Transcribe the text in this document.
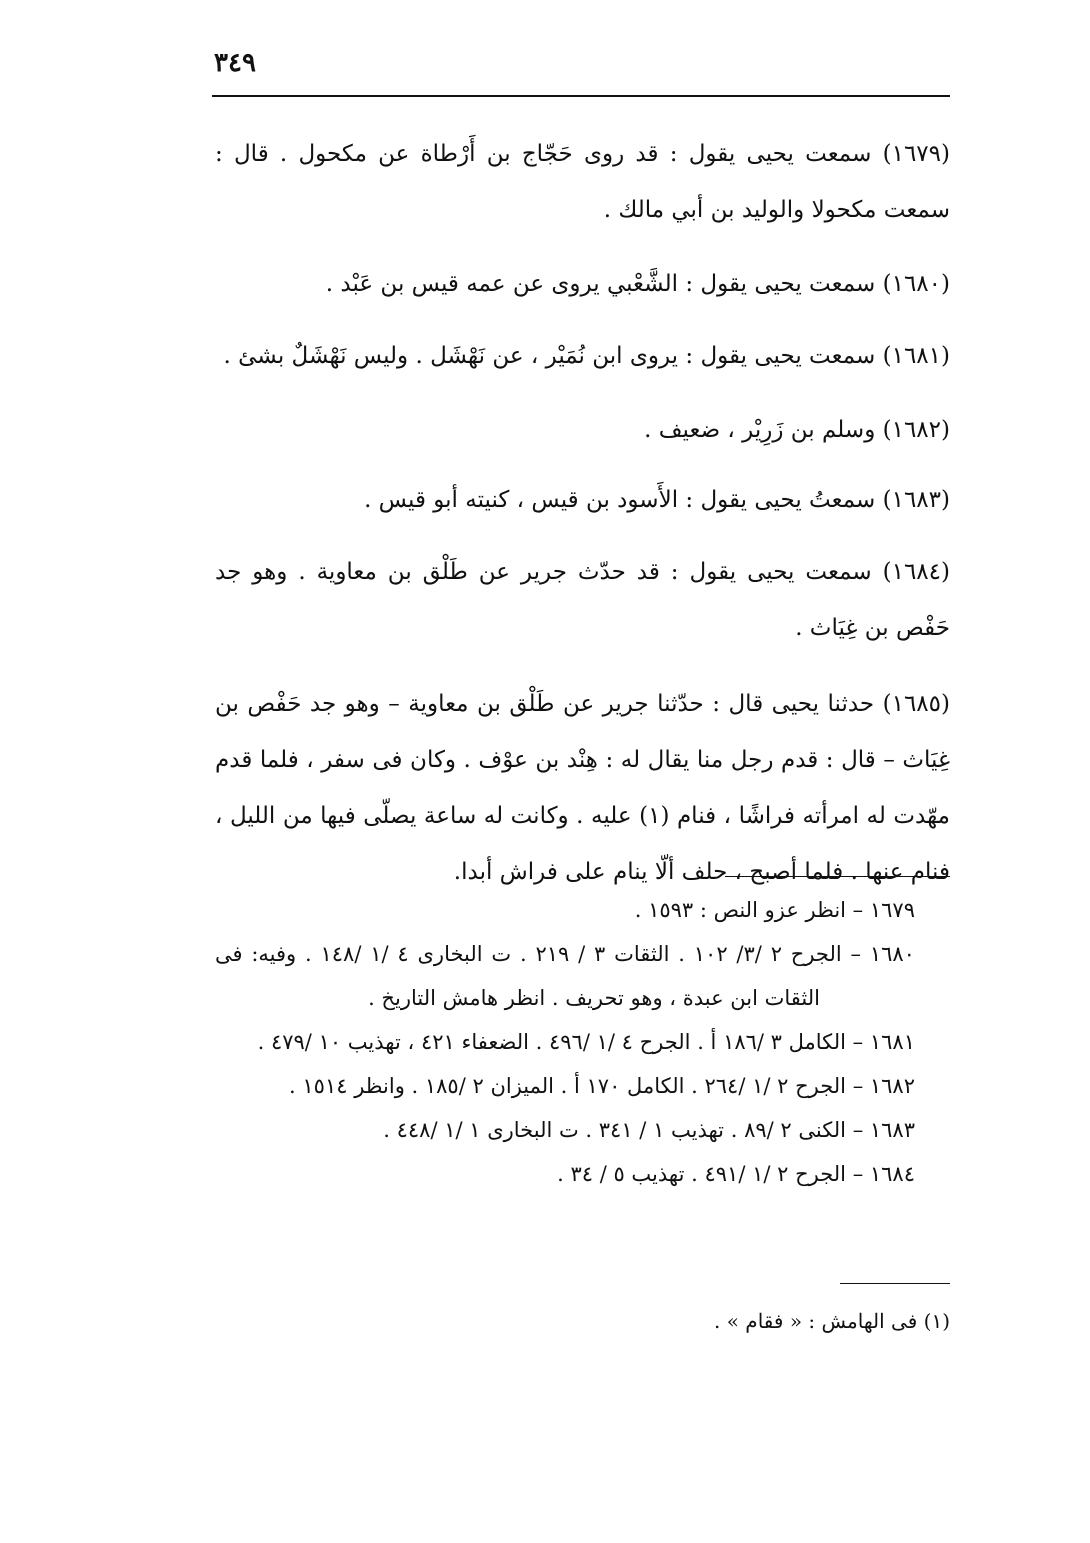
٣٤٩

(١٦٧٩) سمعت يحيى يقول : قد روى حَجّاج بن أَرْطاة عن مكحول . قال : سمعت مكحولا والوليد بن أبي مالك .

(١٦٨٠) سمعت يحيى يقول : الشَّعْبي يروى عن عمه قيس بن عَبْد .

(١٦٨١) سمعت يحيى يقول : يروى ابن نُمَيْر ، عن نَهْشَل . وليس نَهْشَلٌ بشئ .

(١٦٨٢) وسلم بن زَرِيْر ، ضعيف .

(١٦٨٣) سمعتُ يحيى يقول : الأَسود بن قيس ، كنيته أبو قيس .

(١٦٨٤) سمعت يحيى يقول : قد حدّث جرير عن طَلْق بن معاوية . وهو جد حَفْص بن غِيَاث .

(١٦٨٥) حدثنا يحيى قال : حدّثنا جرير عن طَلْق بن معاوية – وهو جد حَفْص بن غِيَاث – قال : قدم رجل منا يقال له : هِنْد بن عوْف . وكان فى سفر ، فلما قدم مهّدت له امرأته فراشًا ، فنام (١) عليه . وكانت له ساعة يصلّى فيها من الليل ، فنام عنها . فلما أصبح ، حلف ألّا ينام على فراش أبدا.

١٦٧٩ – انظر عزو النص : ١٥٩٣ .

١٦٨٠ – الجرح ٢ /٣/ ١٠٢ . الثقات ٣ / ٢١٩ . ت البخارى ٤ /١ /١٤٨ . وفيه: فى الثقات ابن عبدة ، وهو تحريف . انظر هامش التاريخ .

١٦٨١ – الكامل ٣ /١٨٦ أ . الجرح ٤ /١ /٤٩٦ . الضعفاء ٤٢١ ، تهذيب ١٠ /٤٧٩ .

١٦٨٢ – الجرح ٢ /١ /٢٦٤ . الكامل ١٧٠ أ . الميزان ٢ /١٨٥ . وانظر ١٥١٤ .

١٦٨٣ – الكنى ٢ /٨٩ . تهذيب ١ / ٣٤١ . ت البخارى ١ /١ /٤٤٨ .

١٦٨٤ – الجرح ٢ /١ /٤٩١ . تهذيب ٥ / ٣٤ .

(١) فى الهامش : « فقام » .
